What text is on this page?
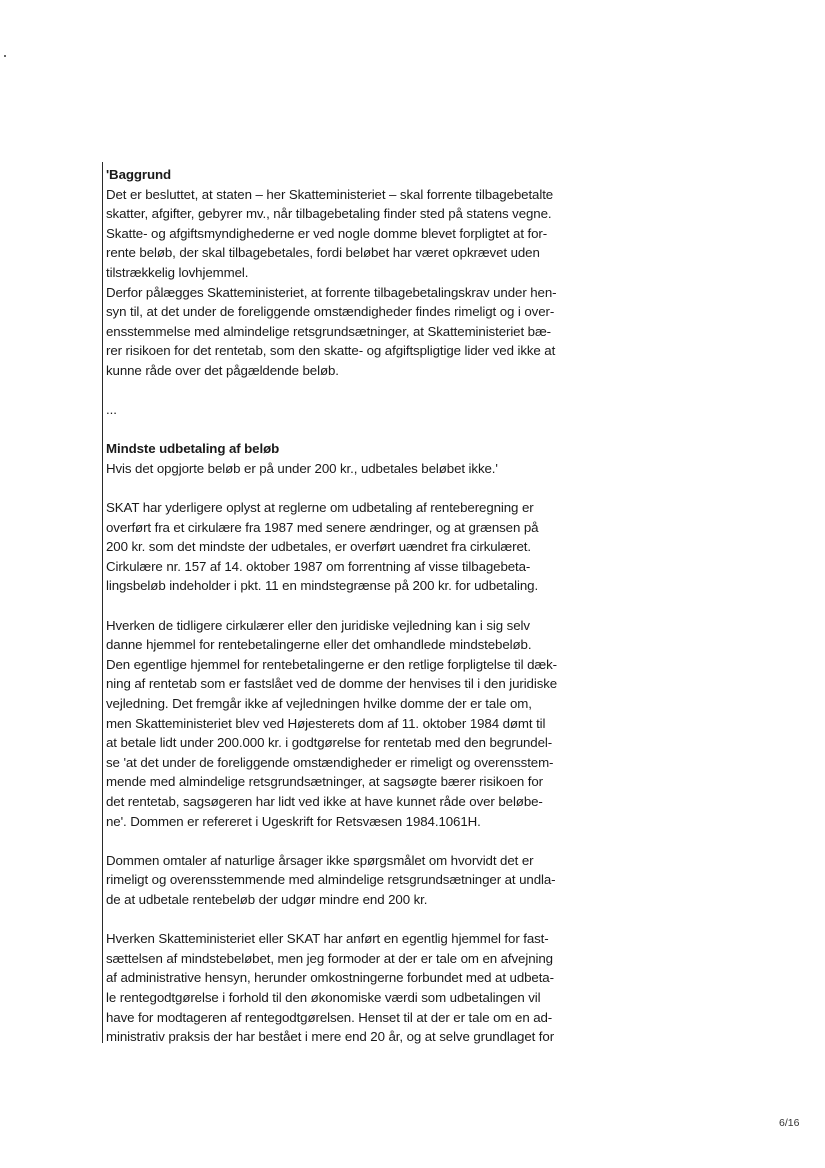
'Baggrund
Det er besluttet, at staten – her Skatteministeriet – skal forrente tilbagebetalte
skatter, afgifter, gebyrer mv., når tilbagebetaling finder sted på statens vegne.
Skatte- og afgiftsmyndighederne er ved nogle domme blevet forpligtet at for-
rente beløb, der skal tilbagebetales, fordi beløbet har været opkrævet uden
tilstrækkelig lovhjemmel.
Derfor pålægges Skatteministeriet, at forrente tilbagebetalingskrav under hen-
syn til, at det under de foreliggende omstændigheder findes rimeligt og i over-
ensstemmelse med almindelige retsgrundsætninger, at Skatteministeriet bæ-
rer risikoen for det rentetab, som den skatte- og afgiftspligtige lider ved ikke at
kunne råde over det pågældende beløb.
...
Mindste udbetaling af beløb
Hvis det opgjorte beløb er på under 200 kr., udbetales beløbet ikke.'
SKAT har yderligere oplyst at reglerne om udbetaling af renteberegning er
overført fra et cirkulære fra 1987 med senere ændringer, og at grænsen på
200 kr. som det mindste der udbetales, er overført uændret fra cirkulæret.
Cirkulære nr. 157 af 14. oktober 1987 om forrentning af visse tilbagebeta-
lingsbeløb indeholder i pkt. 11 en mindstegrænse på 200 kr. for udbetaling.
Hverken de tidligere cirkulærer eller den juridiske vejledning kan i sig selv
danne hjemmel for rentebetalingerne eller det omhandlede mindstebeløb.
Den egentlige hjemmel for rentebetalingerne er den retlige forpligtelse til dæk-
ning af rentetab som er fastslået ved de domme der henvises til i den juridiske
vejledning. Det fremgår ikke af vejledningen hvilke domme der er tale om,
men Skatteministeriet blev ved Højesterets dom af 11. oktober 1984 dømt til
at betale lidt under 200.000 kr. i godtgørelse for rentetab med den begrundel-
se 'at det under de foreliggende omstændigheder er rimeligt og overensstem-
mende med almindelige retsgrundsætninger, at sagsøgte bærer risikoen for
det rentetab, sagsøgeren har lidt ved ikke at have kunnet råde over beløbe-
ne'. Dommen er refereret i Ugeskrift for Retsvæsen 1984.1061H.
Dommen omtaler af naturlige årsager ikke spørgsmålet om hvorvidt det er
rimeligt og overensstemmende med almindelige retsgrundsætninger at undla-
de at udbetale rentebeløb der udgør mindre end 200 kr.
Hverken Skatteministeriet eller SKAT har anført en egentlig hjemmel for fast-
sættelsen af mindstebeløbet, men jeg formoder at der er tale om en afvejning
af administrative hensyn, herunder omkostningerne forbundet med at udbeta-
le rentegodtgørelse i forhold til den økonomiske værdi som udbetalingen vil
have for modtageren af rentegodtgørelsen. Henset til at der er tale om en ad-
ministrativ praksis der har bestået i mere end 20 år, og at selve grundlaget for
6/16
